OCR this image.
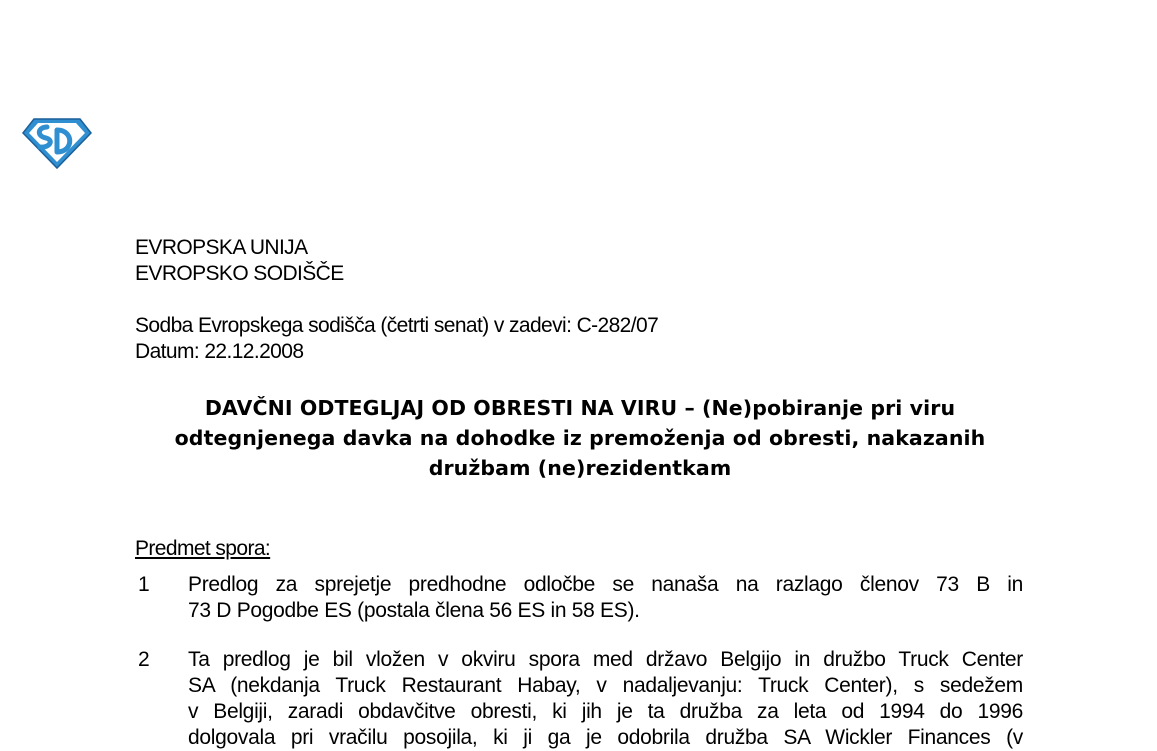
EVROPSKA UNIJA
EVROPSKO SODIŠČE
Sodba Evropskega sodišča (četrti senat) v zadevi: C-282/07
Datum: 22.12.2008
DAVČNI ODTEGLJAJ OD OBRESTI NA VIRU – (Ne)pobiranje pri viru
odtegnjenega davka na dohodke iz premoženja od obresti, nakazanih
družbam (ne)rezidentkam
Predmet spora:
1 Predlog za sprejetje predhodne odločbe se nanaša na razlago členov 73 B in
73 D Pogodbe ES (postala člena 56 ES in 58 ES).
2 Ta predlog je bil vložen v okviru spora med državo Belgijo in družbo Truck Center
SA (nekdanja Truck Restaurant Habay, v nadaljevanju: Truck Center), s sedežem
v Belgiji, zaradi obdavčitve obresti, ki jih je ta družba za leta od 1994 do 1996
dolgovala pri vračilu posojila, ki ji ga je odobrila družba SA Wickler Finances (v
